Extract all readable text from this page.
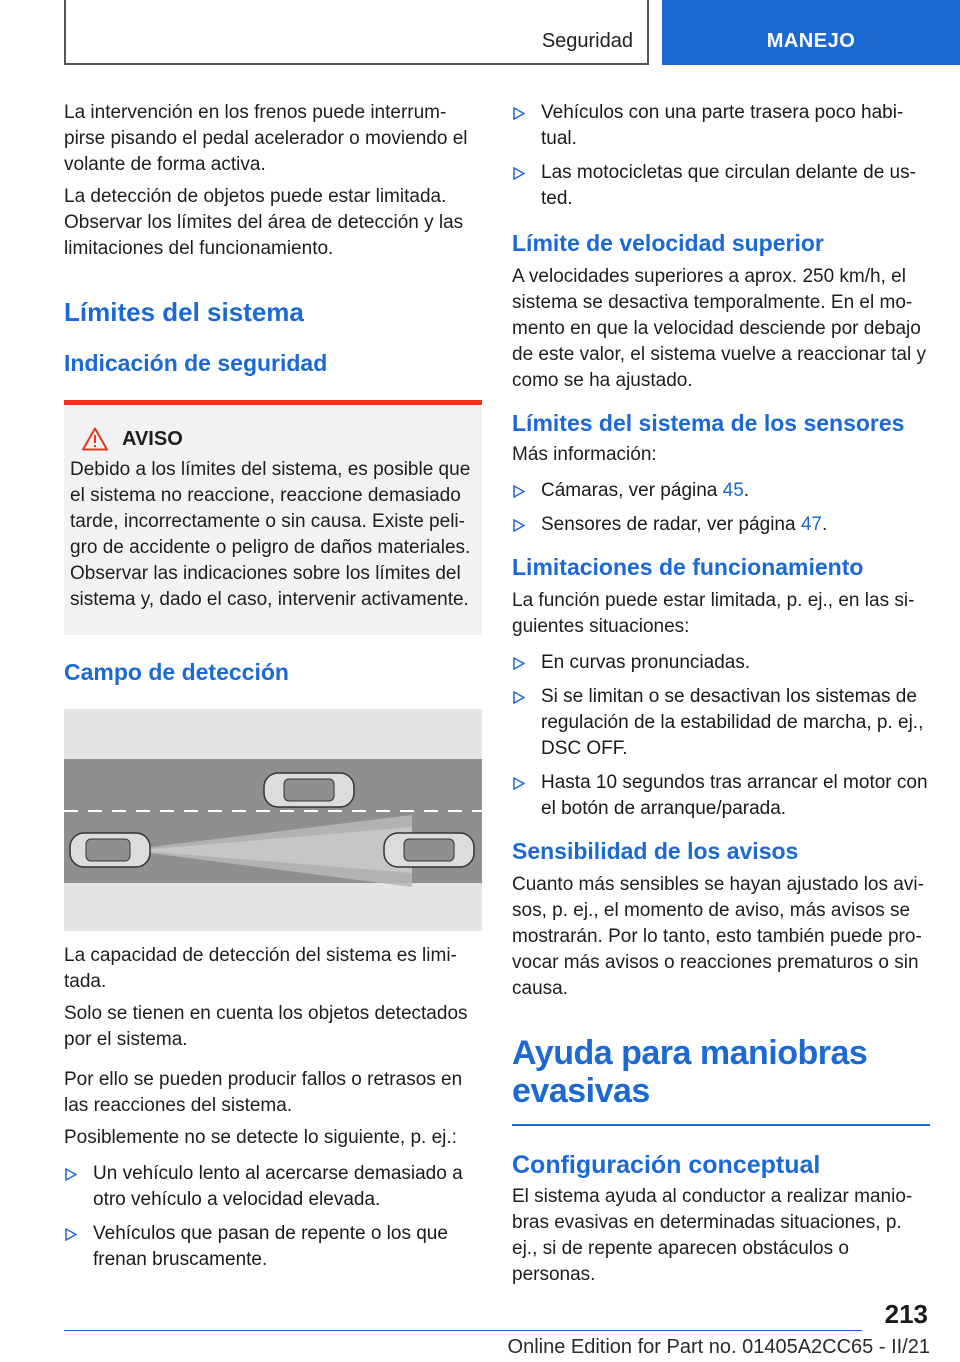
Seguridad	MANEJO

La intervención en los frenos puede interrum-pirse pisando el pedal acelerador o moviendo el volante de forma activa.

La detección de objetos puede estar limitada. Observar los límites del área de detección y las limitaciones del funcionamiento.

Límites del sistema
Indicación de seguridad
AVISO

Debido a los límites del sistema, es posible que el sistema no reaccione, reaccione demasiado tarde, incorrectamente o sin causa. Existe peli-gro de accidente o peligro de daños materiales. Observar las indicaciones sobre los límites del sistema y, dado el caso, intervenir activamente.

Campo de detección

La capacidad de detección del sistema es limi-tada.

Solo se tienen en cuenta los objetos detectados por el sistema.

Por ello se pueden producir fallos o retrasos en las reacciones del sistema.

Posiblemente no se detecte lo siguiente, p. ej.:

Un vehículo lento al acercarse demasiado a otro vehículo a velocidad elevada.
Vehículos que pasan de repente o los que frenan bruscamente.
Vehículos con una parte trasera poco habi-tual.
Las motocicletas que circulan delante de us-ted.
Límite de velocidad superior

A velocidades superiores a aprox. 250 km/h, el sistema se desactiva temporalmente. En el mo-mento en que la velocidad desciende por debajo de este valor, el sistema vuelve a reaccionar tal y como se ha ajustado.

Límites del sistema de los sensores

Más información:

Cámaras, ver página 45.
Sensores de radar, ver página 47.
Limitaciones de funcionamiento

La función puede estar limitada, p. ej., en las si-guientes situaciones:

En curvas pronunciadas.
Si se limitan o se desactivan los sistemas de regulación de la estabilidad de marcha, p. ej., DSC OFF.
Hasta 10 segundos tras arrancar el motor con el botón de arranque/parada.
Sensibilidad de los avisos

Cuanto más sensibles se hayan ajustado los avi-sos, p. ej., el momento de aviso, más avisos se mostrarán. Por lo tanto, esto también puede pro-vocar más avisos o reacciones prematuros o sin causa.

Ayuda para maniobras evasivas
Configuración conceptual

El sistema ayuda al conductor a realizar manio-bras evasivas en determinadas situaciones, p. ej., si de repente aparecen obstáculos o personas.

213
Online Edition for Part no. 01405A2CC65 - II/21
